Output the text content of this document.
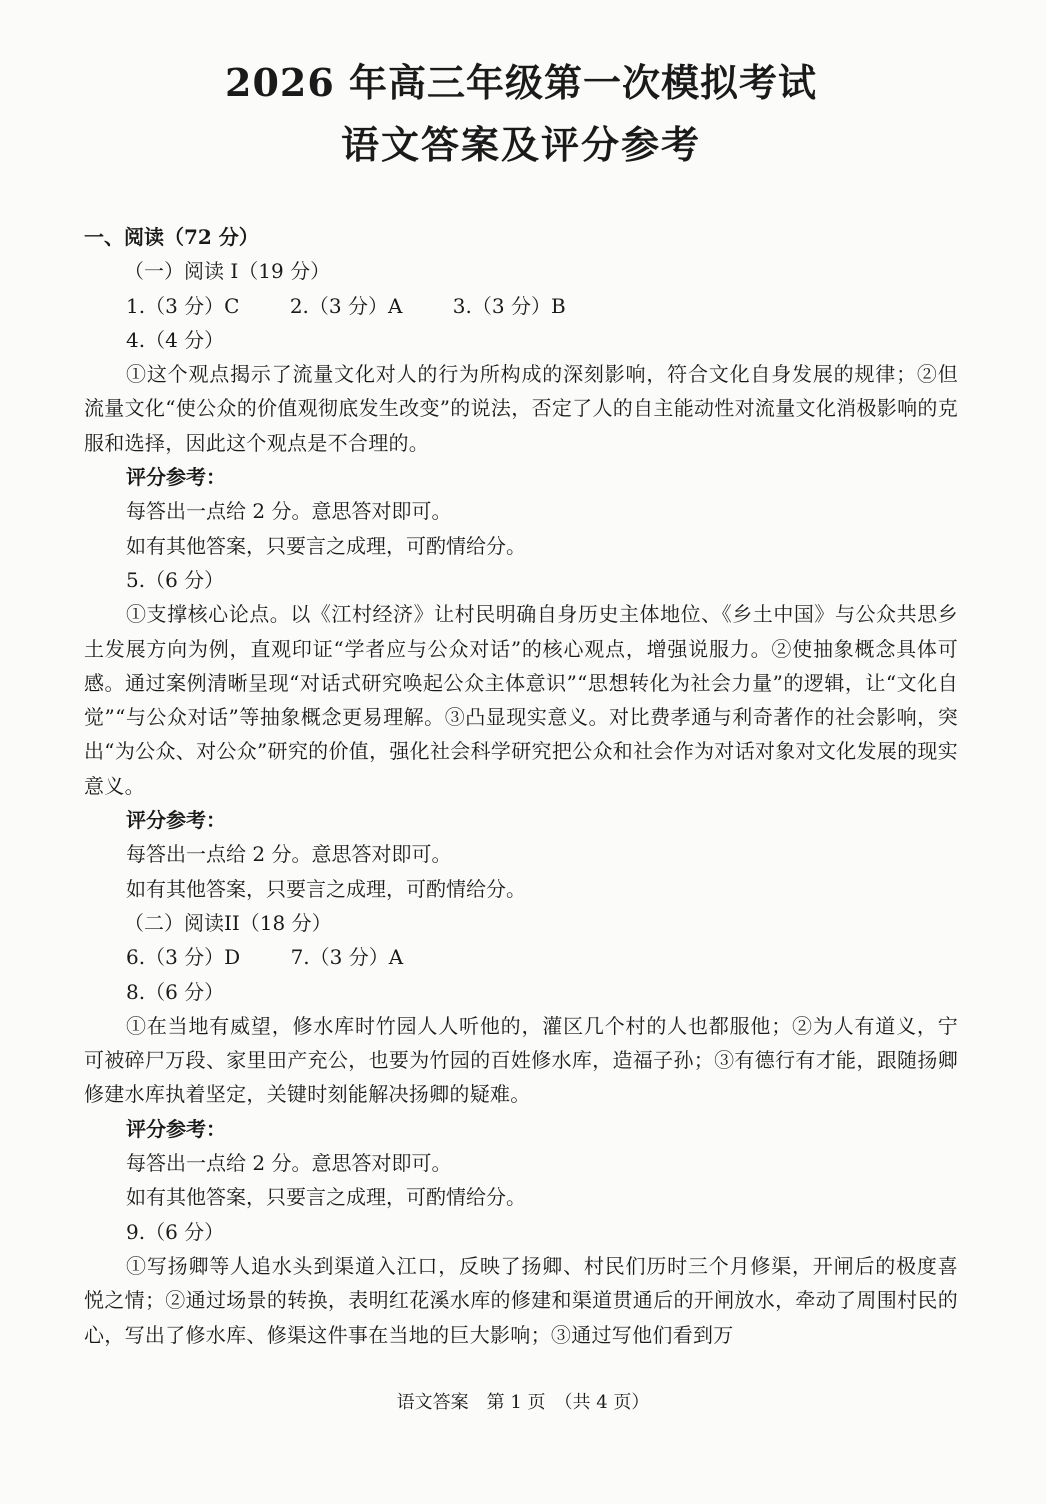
2026 年高三年级第一次模拟考试
语文答案及评分参考
一、阅读（72 分）
（一）阅读 I（19 分）
1.（3 分）C	2.（3 分）A	3.（3 分）B
4.（4 分）
①这个观点揭示了流量文化对人的行为所构成的深刻影响，符合文化自身发展的规律；②但流量文化“使公众的价值观彻底发生改变”的说法，否定了人的自主能动性对流量文化消极影响的克服和选择，因此这个观点是不合理的。
评分参考：
每答出一点给 2 分。意思答对即可。
如有其他答案，只要言之成理，可酌情给分。
5.（6 分）
①支撑核心论点。以《江村经济》让村民明确自身历史主体地位、《乡土中国》与公众共思乡土发展方向为例，直观印证“学者应与公众对话”的核心观点，增强说服力。②使抽象概念具体可感。通过案例清晰呈现“对话式研究唤起公众主体意识”“思想转化为社会力量”的逻辑，让“文化自觉”“与公众对话”等抽象概念更易理解。③凸显现实意义。对比费孝通与利奇著作的社会影响，突出“为公众、对公众”研究的价值，强化社会科学研究把公众和社会作为对话对象对文化发展的现实意义。
评分参考：
每答出一点给 2 分。意思答对即可。
如有其他答案，只要言之成理，可酌情给分。
（二）阅读II（18 分）
6.（3 分）D	7.（3 分）A
8.（6 分）
①在当地有威望，修水库时竹园人人听他的，灌区几个村的人也都服他；②为人有道义，宁可被碎尸万段、家里田产充公，也要为竹园的百姓修水库，造福子孙；③有德行有才能，跟随扬卿修建水库执着坚定，关键时刻能解决扬卿的疑难。
评分参考：
每答出一点给 2 分。意思答对即可。
如有其他答案，只要言之成理，可酌情给分。
9.（6 分）
①写扬卿等人追水头到渠道入江口，反映了扬卿、村民们历时三个月修渠，开闸后的极度喜悦之情；②通过场景的转换，表明红花溪水库的修建和渠道贯通后的开闸放水，牵动了周围村民的心，写出了修水库、修渠这件事在当地的巨大影响；③通过写他们看到万
语文答案　第 1 页　（共 4 页）
